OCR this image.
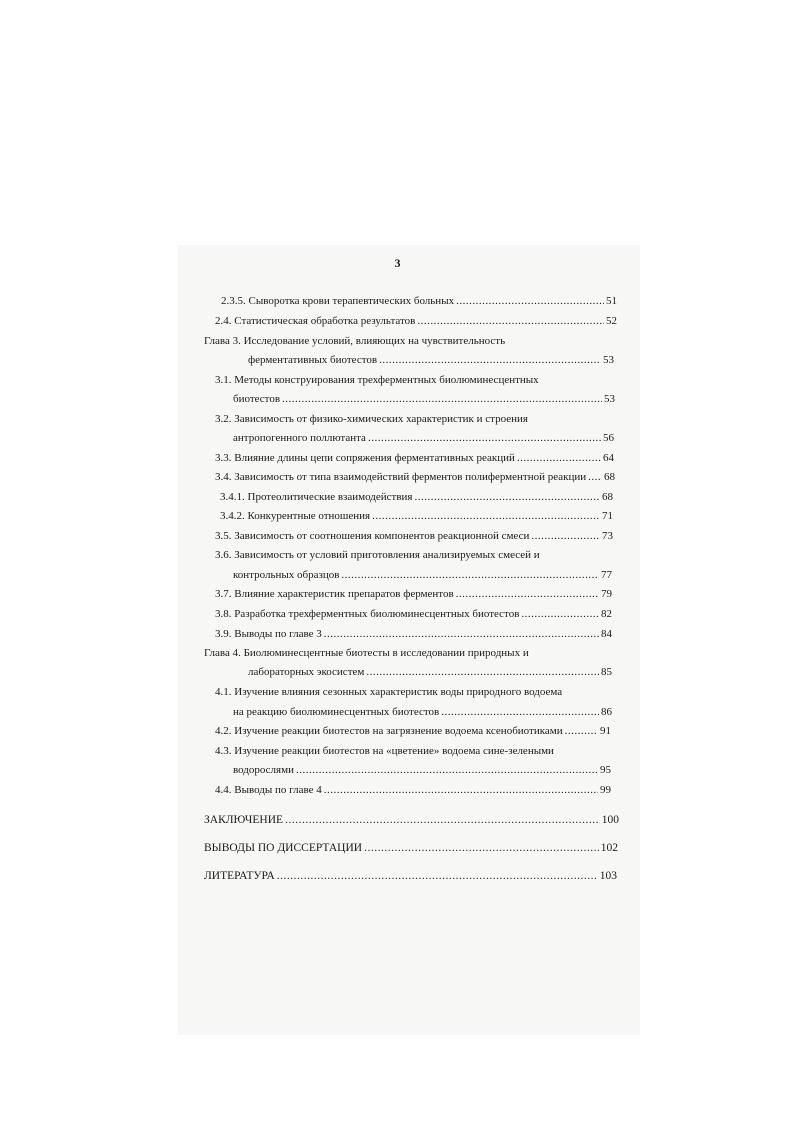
3
2.3.5. Сыворотка крови терапевтических больных .....	51
2.4. Статистическая обработка результатов .....	52
Глава 3. Исследование условий, влияющих на чувствительность
ферментативных биотестов .....	53
3.1. Методы конструирования трехферментных биолюминесцентных
биотестов .....	53
3.2. Зависимость от физико-химических характеристик и строения
антропогенного поллютанта .....	56
3.3. Влияние длины цепи сопряжения ферментативных реакций .....	64
3.4. Зависимость от типа взаимодействий ферментов полиферментной реакции ..... 68
3.4.1. Протеолитические взаимодействия .....	68
3.4.2. Конкурентные отношения .....	71
3.5. Зависимость от соотношения компонентов реакционной смеси .....	73
3.6. Зависимость от условий приготовления анализируемых смесей и
контрольных образцов .....	77
3.7. Влияние характеристик препаратов ферментов .....	79
3.8. Разработка трехферментных биолюминесцентных биотестов .....	82
3.9. Выводы по главе 3 .....	84
Глава 4. Биолюминесцентные биотесты в исследовании природных и
лабораторных экосистем .....	85
4.1. Изучение влияния сезонных характеристик воды природного водоема
на реакцию биолюминесцентных биотестов .....	86
4.2. Изучение реакции биотестов на загрязнение водоема ксенобиотиками .....	91
4.3. Изучение реакции биотестов на «цветение» водоема сине-зелеными
водорослями .....	95
4.4. Выводы по главе 4 .....	99
ЗАКЛЮЧЕНИЕ .....	100
ВЫВОДЫ ПО ДИССЕРТАЦИИ .....	102
ЛИТЕРАТУРА .....	103
